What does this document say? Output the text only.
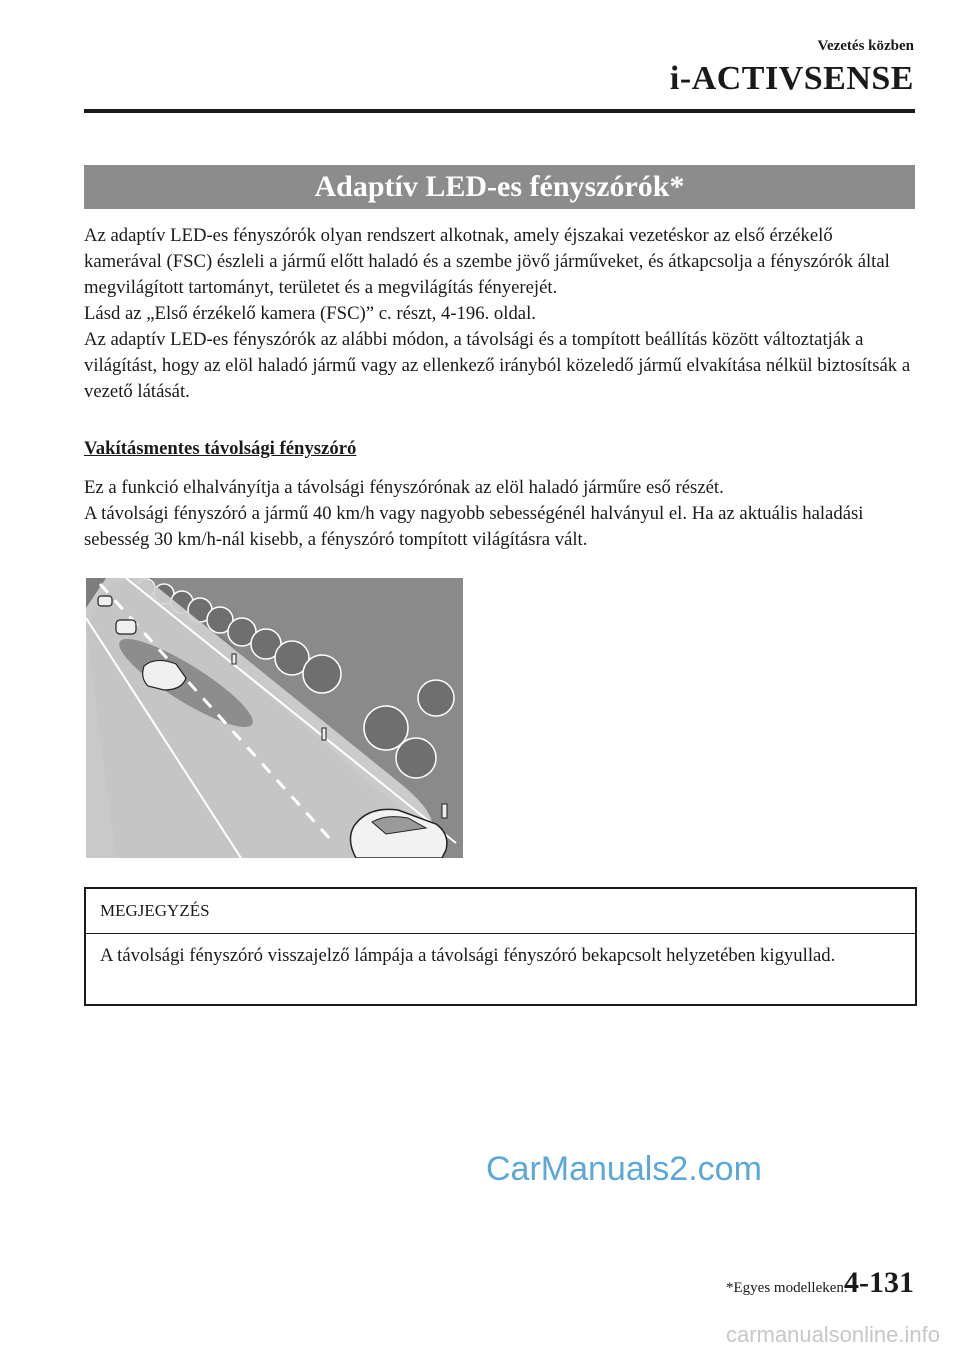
Vezetés közben
i-ACTIVSENSE
Adaptív LED-es fényszórók*
Az adaptív LED-es fényszórók olyan rendszert alkotnak, amely éjszakai vezetéskor az első érzékelő kamerával (FSC) észleli a jármű előtt haladó és a szembe jövő járműveket, és átkapcsolja a fényszórók által megvilágított tartományt, területet és a megvilágítás fényerejét.
Lásd az „Első érzékelő kamera (FSC)” c. részt, 4-196. oldal.
Az adaptív LED-es fényszórók az alábbi módon, a távolsági és a tompított beállítás között változtatják a világítást, hogy az elöl haladó jármű vagy az ellenkező irányból közeledő jármű elvakítása nélkül biztosítsák a vezető látását.
Vakításmentes távolsági fényszóró
Ez a funkció elhalványítja a távolsági fényszórónak az elöl haladó járműre eső részét.
A távolsági fényszóró a jármű 40 km/h vagy nagyobb sebességénél halványul el. Ha az aktuális haladási sebesség 30 km/h-nál kisebb, a fényszóró tompított világításra vált.
MEGJEGYZÉS
A távolsági fényszóró visszajelző lámpája a távolsági fényszóró bekapcsolt helyzetében kigyullad.
CarManuals2.com
*Egyes modelleken.
4-131
carmanualsonline.info
